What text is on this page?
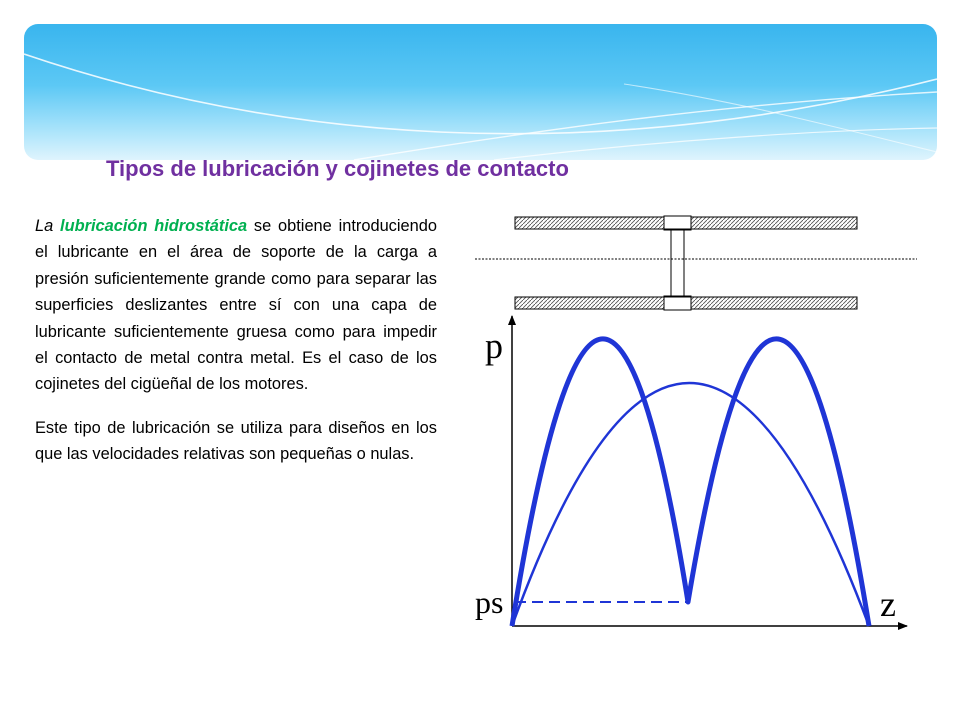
Tipos de lubricación y cojinetes de contacto

La lubricación hidrostática se obtiene introduciendo el lubricante en el área de soporte de la carga a presión suficientemente grande como para separar las superficies deslizantes entre sí con una capa de lubricante suficientemente gruesa como para impedir el contacto de metal contra metal. Es el caso de los cojinetes del cigüeñal de los motores.

Este tipo de lubricación se utiliza para diseños en los que las velocidades relativas son pequeñas o nulas.

p
z
ps
